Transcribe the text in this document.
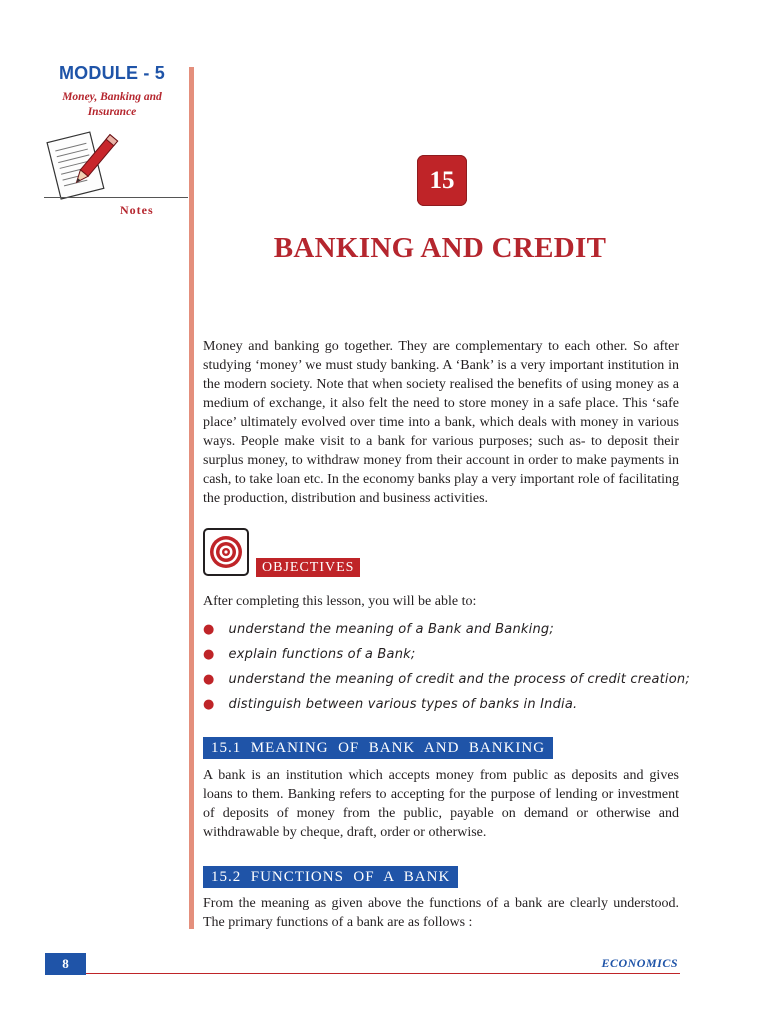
MODULE - 5
Money, Banking and
Insurance
Notes
15
BANKING AND CREDIT
Money and banking go together. They are complementary to each other. So after studying ‘money’ we must study banking. A ‘Bank’ is a very important institution in the modern society. Note that when society realised the benefits of using money as a medium of exchange, it also felt the need to store money in a safe place. This ‘safe place’ ultimately evolved over time into a bank, which deals with money in various ways. People make visit to a bank for various purposes; such as- to deposit their surplus money, to withdraw money from their account in order to make payments in cash, to take loan etc. In the economy banks play a very important role of facilitating the production, distribution and business activities.
OBJECTIVES
After completing this lesson, you will be able to:
● understand the meaning of a Bank and Banking;
● explain functions of a Bank;
● understand the meaning of credit and the process of credit creation;
● distinguish between various types of banks in India.
15.1  MEANING  OF  BANK  AND  BANKING
A bank is an institution which accepts money from public as deposits and gives loans to them. Banking refers to accepting for the purpose of lending or investment of deposits of money from the public, payable on demand or otherwise and withdrawable by cheque, draft, order or otherwise.
15.2  FUNCTIONS  OF  A  BANK
From the meaning as given above the functions of a bank are clearly understood. The primary functions of a bank are as follows :
8	ECONOMICS
